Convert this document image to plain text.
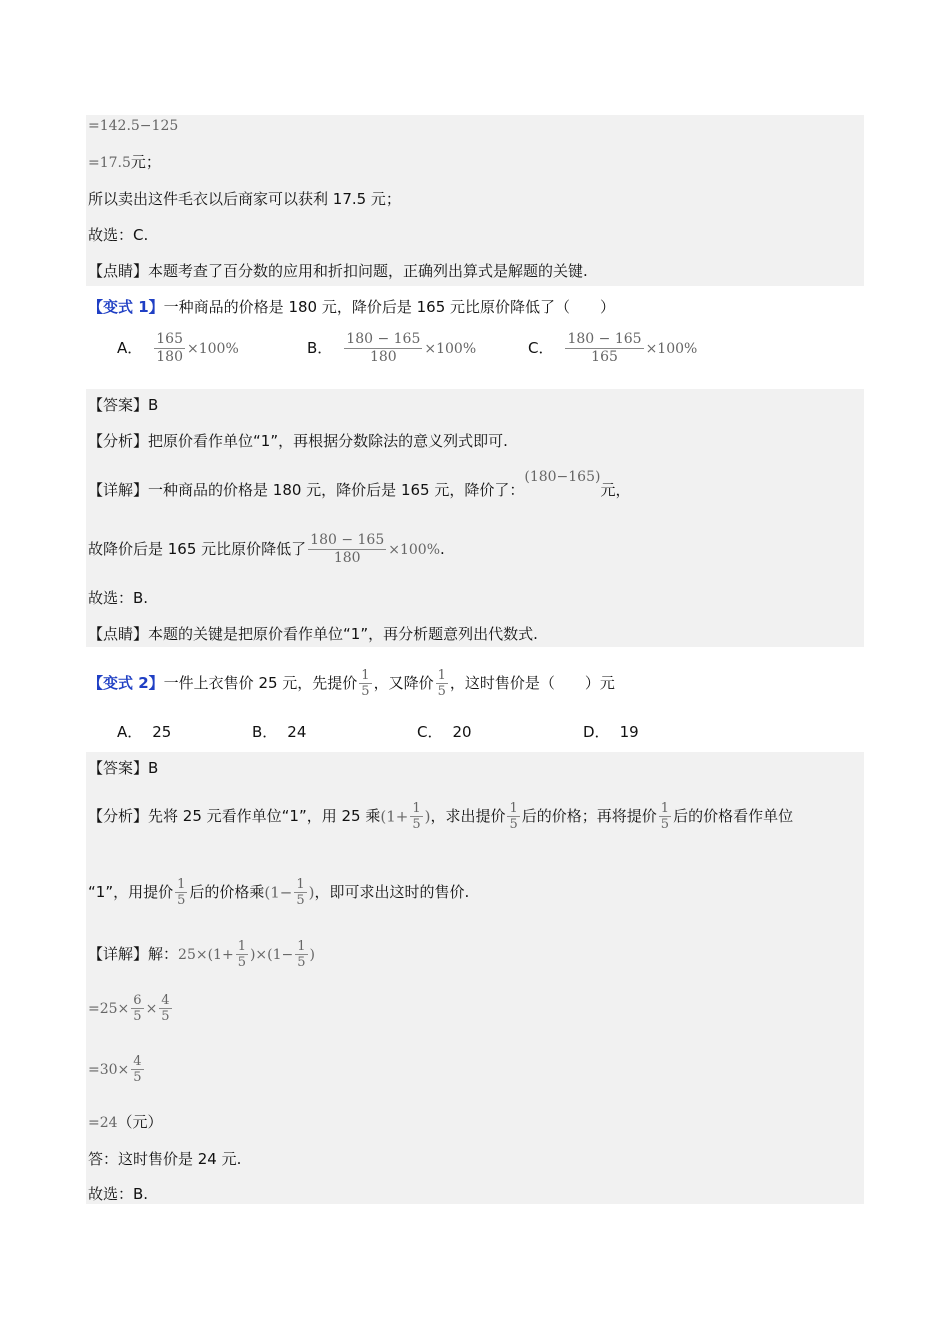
=142.5−125
=17.5元；
所以卖出这件毛衣以后商家可以获利 17.5 元；
故选：C.
【点睛】本题考查了百分数的应用和折扣问题，正确列出算式是解题的关键.
【变式 1】一种商品的价格是 180 元，降价后是 165 元比原价降低了（　　）
A． $\frac{165}{180} \times 100\%$	B． $\frac{180 - 165}{180} \times 100\%$	C． $\frac{180 - 165}{165} \times 100\%$
【答案】B
【分析】把原价看作单位“1”，再根据分数除法的意义列式即可.
【详解】一种商品的价格是 180 元，降价后是 165 元，降价了：(180−165)元，
故降价后是 165 元比原价降低了 $\frac{180 - 165}{180} \times 100\%$.
故选：B.
【点睛】本题的关键是把原价看作单位“1”，再分析题意列出代数式.
【变式 2】一件上衣售价 25 元，先提价 $\frac{1}{5}$ ，又降价 $\frac{1}{5}$ ，这时售价是（　　）元
A． 25	B． 24	C． 20	D． 19
【答案】B
【分析】先将 25 元看作单位“1”，用 25 乘($1+ \frac{1}{5}$ )，求出提价 $\frac{1}{5}$ 后的价格；再将提价 $\frac{1}{5}$ 后的价格看作单位
“1”，用提价 $\frac{1}{5}$ 后的价格乘($1- \frac{1}{5}$ )，即可求出这时的售价.
【详解】解：$25\times(1+ \frac{1}{5} )\times(1- \frac{1}{5}$ )
$=25\times \frac{6}{5} \times \frac{4}{5}$
$=30\times \frac{4}{5}$
=24（元）
答：这时售价是 24 元.
故选：B.
